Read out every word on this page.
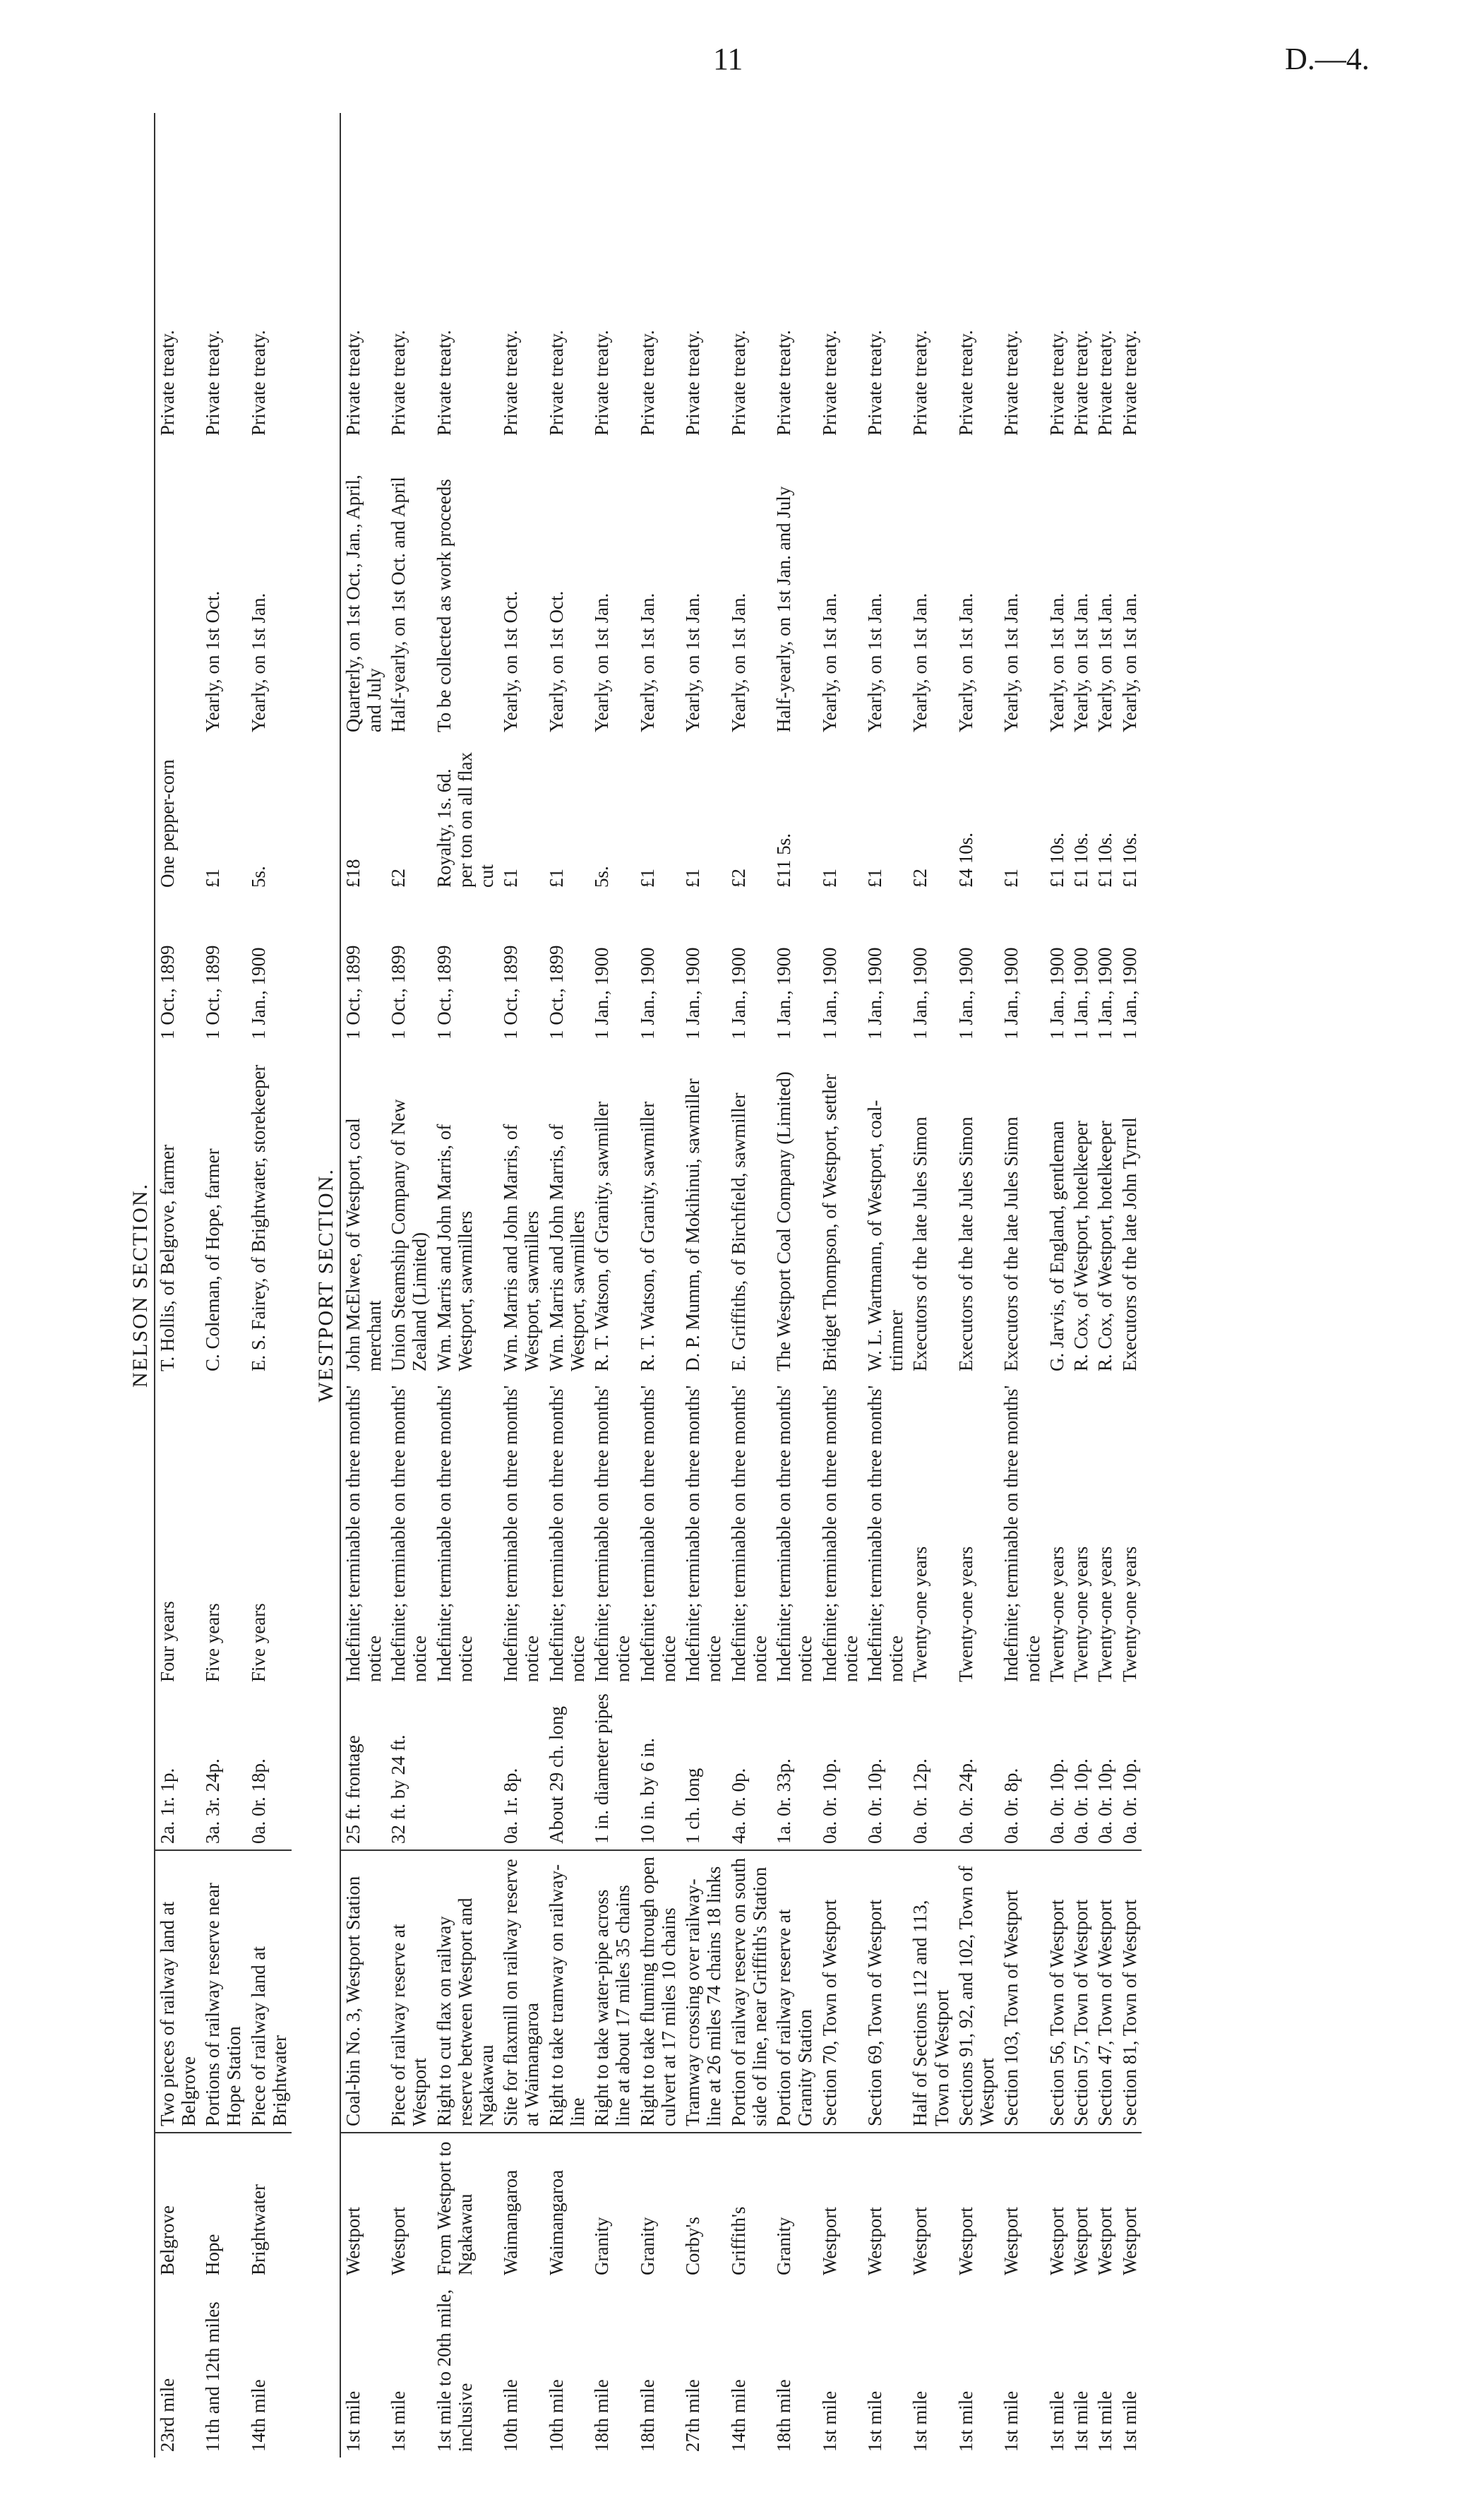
11	D.—4.
NELSON SECTION.									
23rd mile	Belgrove	Two pieces of railway land at Belgrove	2a. 1r. 1p.	Four years	T. Hollis, of Belgrove, farmer	1 Oct., 1899	One pepper-corn		Private treaty.
11th and 12th miles	Hope	Portions of railway reserve near Hope Station	3a. 3r. 24p.	Five years	C. Coleman, of Hope, farmer	1 Oct., 1899	£1	Yearly, on 1st Oct.	Private treaty.
14th mile	Brightwater	Piece of railway land at Brightwater	0a. 0r. 18p.	Five years	E. S. Fairey, of Brightwater, storekeeper	1 Jan., 1900	5s.	Yearly, on 1st Jan.	Private treaty.

WESTPORT SECTION.									
1st mile	Westport	Coal-bin No. 3, Westport Station	25 ft. frontage	Indefinite; terminable on three months' notice	John McElwee, of Westport, coal merchant	1 Oct., 1899	£18	Quarterly, on 1st Oct., Jan., April, and July	Private treaty.
1st mile	Westport	Piece of railway reserve at Westport	32 ft. by 24 ft.	Indefinite; terminable on three months' notice	Union Steamship Company of New Zealand (Limited)	1 Oct., 1899	£2	Half-yearly, on 1st Oct. and April	Private treaty.
1st mile to 20th mile, inclusive	From Westport to Ngakawau	Right to cut flax on railway reserve between Westport and Ngakawau		Indefinite; terminable on three months' notice	Wm. Marris and John Marris, of Westport, sawmillers	1 Oct., 1899	Royalty, 1s. 6d. per ton on all flax cut	To be collected as work proceeds	Private treaty.
10th mile	Waimangaroa	Site for flaxmill on railway reserve at Waimangaroa	0a. 1r. 8p.	Indefinite; terminable on three months' notice	Wm. Marris and John Marris, of Westport, sawmillers	1 Oct., 1899	£1	Yearly, on 1st Oct.	Private treaty.
10th mile	Waimangaroa	Right to take tramway on railway-line	About 29 ch. long	Indefinite; terminable on three months' notice	Wm. Marris and John Marris, of Westport, sawmillers	1 Oct., 1899	£1	Yearly, on 1st Oct.	Private treaty.
18th mile	Granity	Right to take water-pipe across line at about 17 miles 35 chains	1 in. diameter pipes	Indefinite; terminable on three months' notice	R. T. Watson, of Granity, sawmiller	1 Jan., 1900	5s.	Yearly, on 1st Jan.	Private treaty.
18th mile	Granity	Right to take fluming through open culvert at 17 miles 10 chains	10 in. by 6 in.	Indefinite; terminable on three months' notice	R. T. Watson, of Granity, sawmiller	1 Jan., 1900	£1	Yearly, on 1st Jan.	Private treaty.
27th mile	Corby's	Tramway crossing over railway-line at 26 miles 74 chains 18 links	1 ch. long	Indefinite; terminable on three months' notice	D. P. Mumm, of Mokihinui, sawmiller	1 Jan., 1900	£1	Yearly, on 1st Jan.	Private treaty.
14th mile	Griffith's	Portion of railway reserve on south side of line, near Griffith's Station	4a. 0r. 0p.	Indefinite; terminable on three months' notice	E. Griffiths, of Birchfield, sawmiller	1 Jan., 1900	£2	Yearly, on 1st Jan.	Private treaty.
18th mile	Granity	Portion of railway reserve at Granity Station	1a. 0r. 33p.	Indefinite; terminable on three months' notice	The Westport Coal Company (Limited)	1 Jan., 1900	£11 5s.	Half-yearly, on 1st Jan. and July	Private treaty.
1st mile	Westport	Section 70, Town of Westport	0a. 0r. 10p.	Indefinite; terminable on three months' notice	Bridget Thompson, of Westport, settler	1 Jan., 1900	£1	Yearly, on 1st Jan.	Private treaty.
1st mile	Westport	Section 69, Town of Westport	0a. 0r. 10p.	Indefinite; terminable on three months' notice	W. L. Wartmann, of Westport, coal-trimmer	1 Jan., 1900	£1	Yearly, on 1st Jan.	Private treaty.
1st mile	Westport	Half of Sections 112 and 113, Town of Westport	0a. 0r. 12p.	Twenty-one years	Executors of the late Jules Simon	1 Jan., 1900	£2	Yearly, on 1st Jan.	Private treaty.
1st mile	Westport	Sections 91, 92, and 102, Town of Westport	0a. 0r. 24p.	Twenty-one years	Executors of the late Jules Simon	1 Jan., 1900	£4 10s.	Yearly, on 1st Jan.	Private treaty.
1st mile	Westport	Section 103, Town of Westport	0a. 0r. 8p.	Indefinite; terminable on three months' notice	Executors of the late Jules Simon	1 Jan., 1900	£1	Yearly, on 1st Jan.	Private treaty.
1st mile	Westport	Section 56, Town of Westport	0a. 0r. 10p.	Twenty-one years	G. Jarvis, of England, gentleman	1 Jan., 1900	£1 10s.	Yearly, on 1st Jan.	Private treaty.
1st mile	Westport	Section 57, Town of Westport	0a. 0r. 10p.	Twenty-one years	R. Cox, of Westport, hotelkeeper	1 Jan., 1900	£1 10s.	Yearly, on 1st Jan.	Private treaty.
1st mile	Westport	Section 47, Town of Westport	0a. 0r. 10p.	Twenty-one years	R. Cox, of Westport, hotelkeeper	1 Jan., 1900	£1 10s.	Yearly, on 1st Jan.	Private treaty.
1st mile	Westport	Section 81, Town of Westport	0a. 0r. 10p.	Twenty-one years	Executors of the late John Tyrrell	1 Jan., 1900	£1 10s.	Yearly, on 1st Jan.	Private treaty.
